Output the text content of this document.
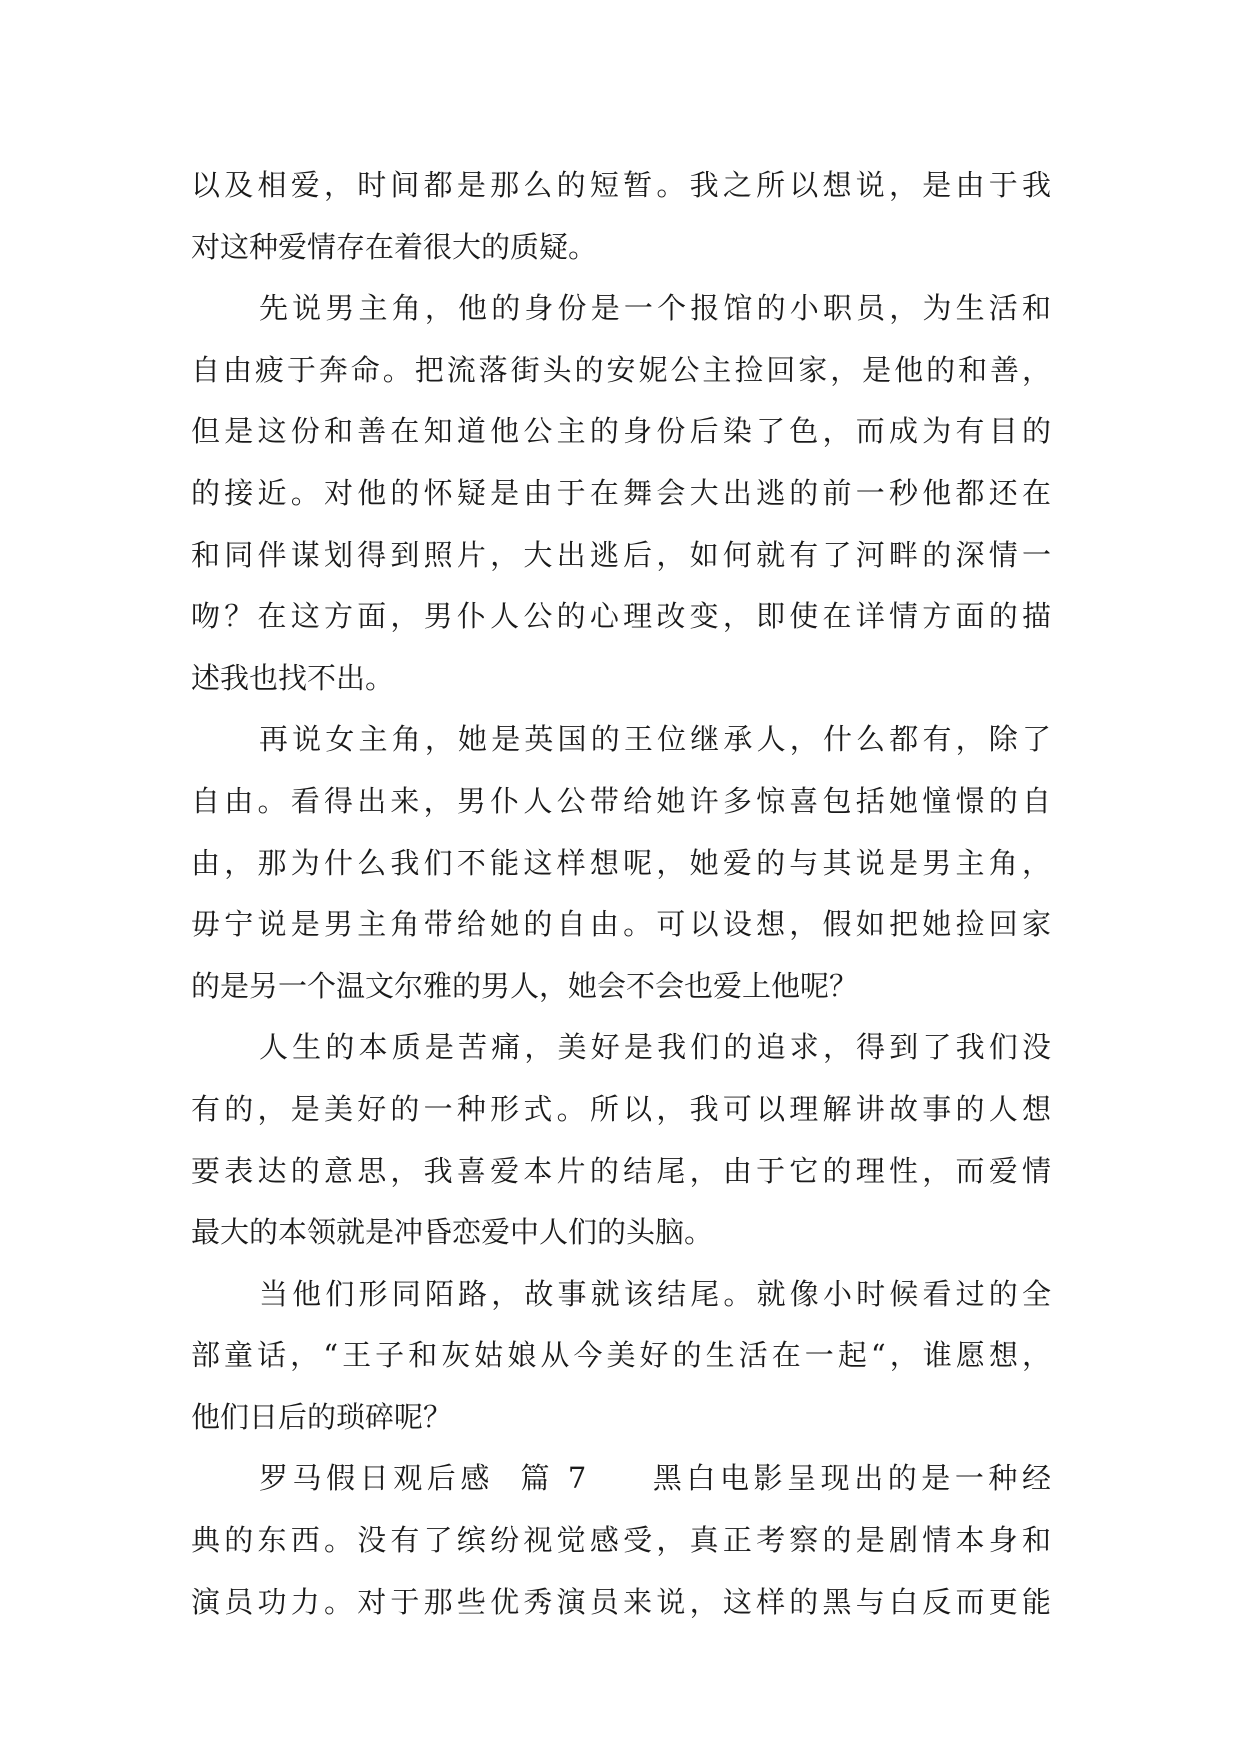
以及相爱，时间都是那么的短暂。我之所以想说，是由于我
对这种爱情存在着很大的质疑。
先说男主角，他的身份是一个报馆的小职员，为生活和
自由疲于奔命。把流落街头的安妮公主捡回家，是他的和善，
但是这份和善在知道他公主的身份后染了色，而成为有目的
的接近。对他的怀疑是由于在舞会大出逃的前一秒他都还在
和同伴谋划得到照片，大出逃后，如何就有了河畔的深情一
吻？在这方面，男仆人公的心理改变，即使在详情方面的描
述我也找不出。
再说女主角，她是英国的王位继承人，什么都有，除了
自由。看得出来，男仆人公带给她许多惊喜包括她憧憬的自
由，那为什么我们不能这样想呢，她爱的与其说是男主角，
毋宁说是男主角带给她的自由。可以设想，假如把她捡回家
的是另一个温文尔雅的男人，她会不会也爱上他呢？
人生的本质是苦痛，美好是我们的追求，得到了我们没
有的，是美好的一种形式。所以，我可以理解讲故事的人想
要表达的意思，我喜爱本片的结尾，由于它的理性，而爱情
最大的本领就是冲昏恋爱中人们的头脑。
当他们形同陌路，故事就该结尾。就像小时候看过的全
部童话，“王子和灰姑娘从今美好的生活在一起“，谁愿想，
他们日后的琐碎呢？
罗马假日观后感 篇 7 黑白电影呈现出的是一种经
典的东西。没有了缤纷视觉感受，真正考察的是剧情本身和
演员功力。对于那些优秀演员来说，这样的黑与白反而更能
